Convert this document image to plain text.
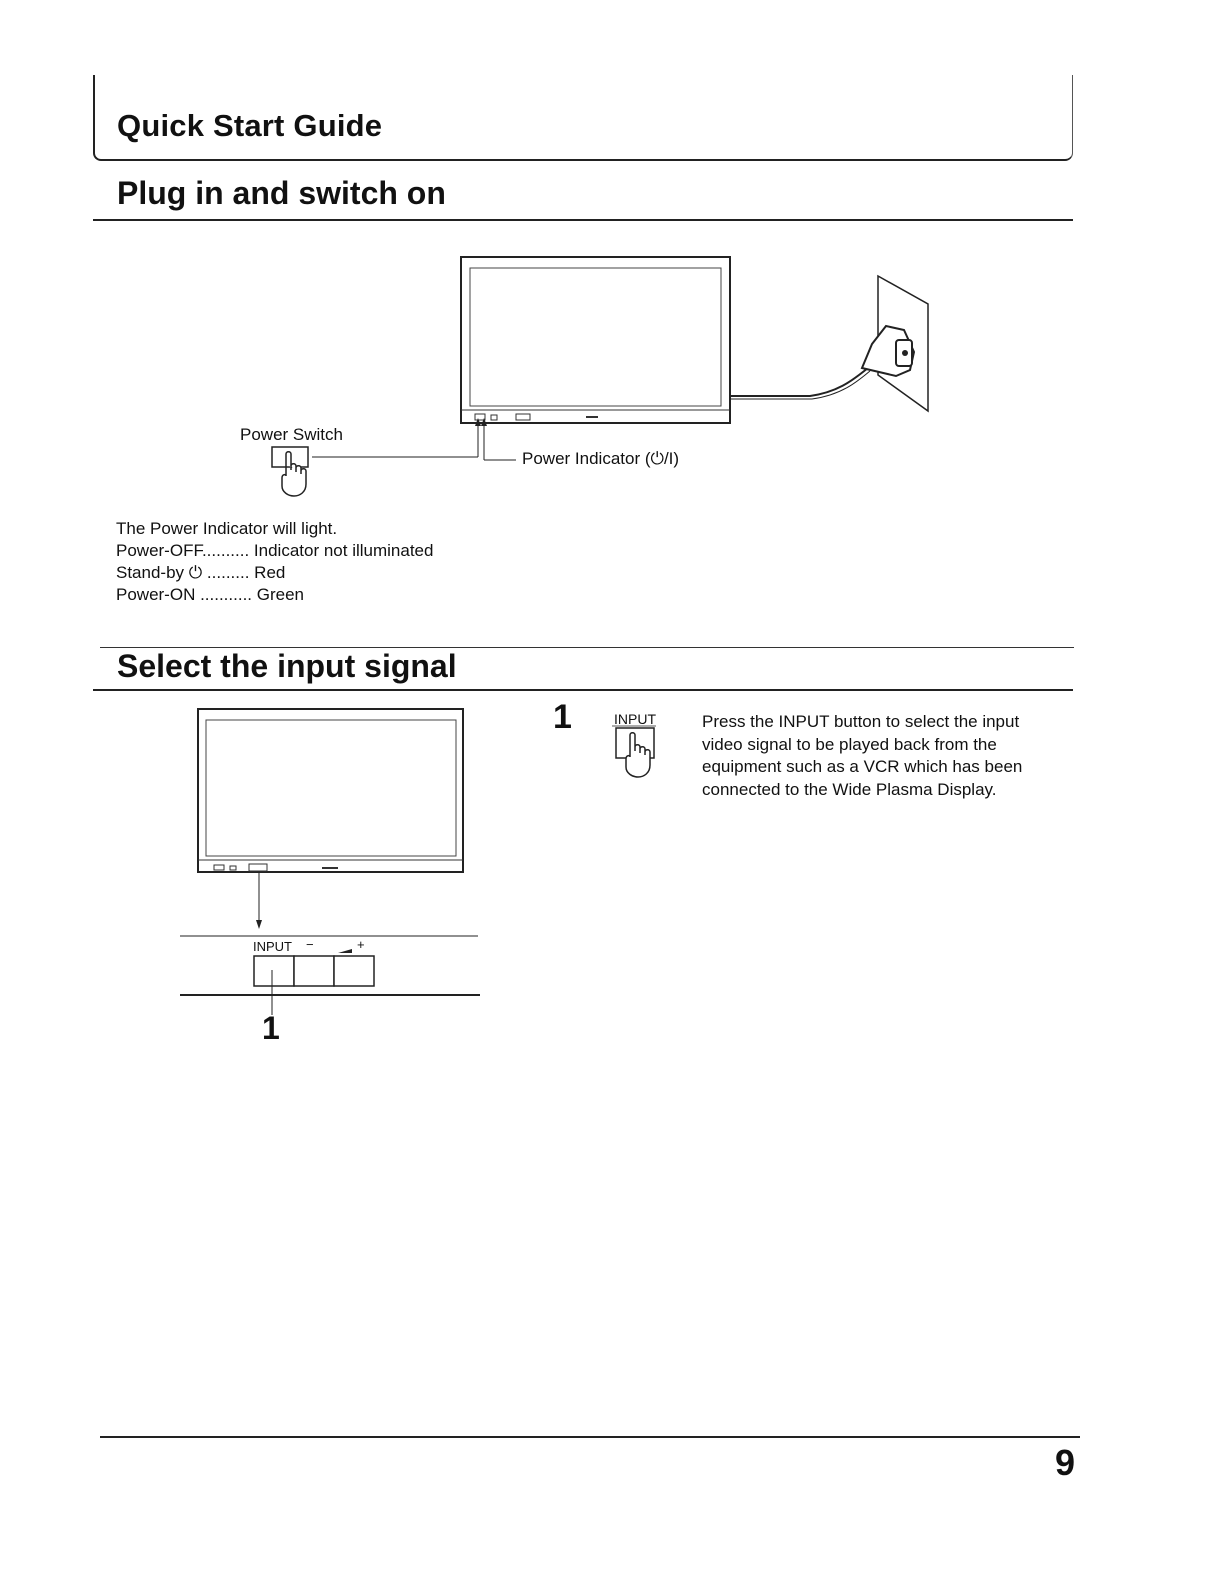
Quick Start Guide
Plug in and switch on
Power Switch
Power Indicator (⏻/I)
The Power Indicator will light.
Power-OFF.......... Indicator not illuminated
Stand-by ⏻ ......... Red
Power-ON ........... Green
Select the input signal
INPUT −	+
1
1	INPUT	Press the INPUT button to select the input video signal to be played back from the equipment such as a VCR which has been connected to the Wide Plasma Display.
9
